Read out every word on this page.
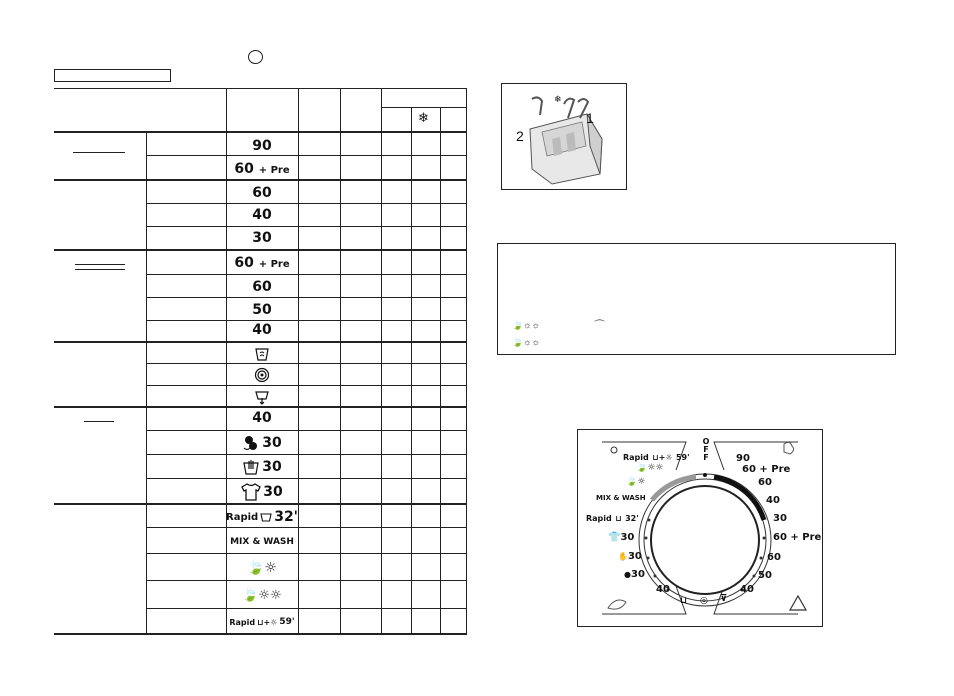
❄
90
60 + Pre
60
40
30
60 + Pre
60
50
40
40
30
30
30
Rapid 32'
MIX & WASH
🍃☼
🍃☼☼
Rapid ⊔+☼ 59'
1
2
❄
🍃☼☼	⌒
🍃☼☼
OFF	90
60 + Pre
60
40
30
60 + Pre
60
50
40
Rapid ⊔+☼ 59'
🍃☼☼
🍃☼
MIX & WASH
Rapid ⊔ 32'
👕30
✋30
●30
40
⊔ ◎ ⊽
